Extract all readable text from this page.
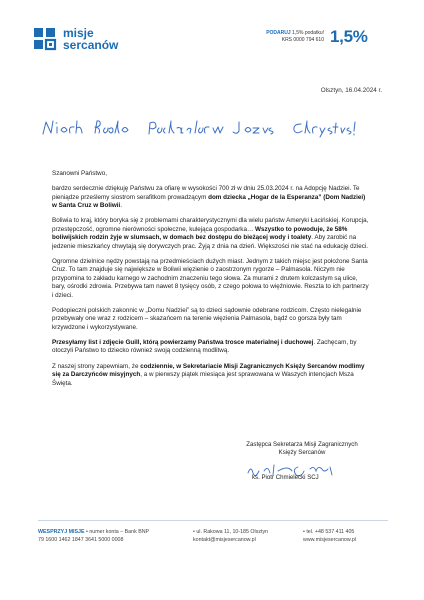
misje
sercanów
PODARUJ 1,5% podatku!
KRS 0000 794 610 1,5%
Olsztyn, 16.04.2024 r.

Szanowni Państwo,

bardzo serdecznie dziękuję Państwu za ofiarę w wysokości 700 zł w dniu 25.03.2024 r. na Adopcję Nadziei. Te pieniądze prześlemy siostrom serafitkom prowadzącym dom dziecka „Hogar de la Esperanza” (Dom Nadziei) w Santa Cruz w Boliwii.

Boliwia to kraj, który boryka się z problemami charakterystycznymi dla wielu państw Ameryki Łacińskiej. Korupcja, przestępczość, ogromne nierówności społeczne, kulejąca gospodarka… Wszystko to powoduje, że 58% boliwijskich rodzin żyje w slumsach, w domach bez dostępu do bieżącej wody i toalety. Aby zarobić na jedzenie mieszkańcy chwytają się dorywczych prac. Żyją z dnia na dzień. Większości nie stać na edukację dzieci.

Ogromne dzielnice nędzy powstają na przedmieściach dużych miast. Jednym z takich miejsc jest położone Santa Cruz. To tam znajduje się największe w Boliwii więzienie o zaostrzonym rygorze – Palmasola. Niczym nie przypomina to zakładu karnego w zachodnim znaczeniu tego słowa. Za murami z drutem kolczastym są ulice, bary, ośrodki zdrowia. Przebywa tam nawet 8 tysięcy osób, z czego połowa to więźniowie. Reszta to ich partnerzy i dzieci.

Podopieczni polskich zakonnic w „Domu Nadziei” są to dzieci sądownie odebrane rodzicom. Często nielegalnie przebywały one wraz z rodzicem – skazańcem na terenie więzienia Palmasola, bądź co gorsza były tam krzywdzone i wykorzystywane.

Przesyłamy list i zdjęcie Guill, którą powierzamy Państwa trosce materialnej i duchowej. Zachęcam, by otoczyli Państwo to dziecko również swoją codzienną modlitwą.

Z naszej strony zapewniam, że codziennie, w Sekretariacie Misji Zagranicznych Księży Sercanów modlimy się za Darczyńców misyjnych, a w pierwszy piątek miesiąca jest sprawowana w Waszych intencjach Msza Święta.

Zastępca Sekretarza Misji Zagranicznych
Księży Sercanów
ks. Piotr Chmielecki SCJ
WESPRZYJ MISJE • numer konta – Bank BNP
79 1600 1462 1847 3641 5000 0008
• ul. Rakowa 11, 10-185 Olsztyn
kontakt@misjesercanow.pl
• tel. +48 537 411 405
www.misjesercanow.pl
